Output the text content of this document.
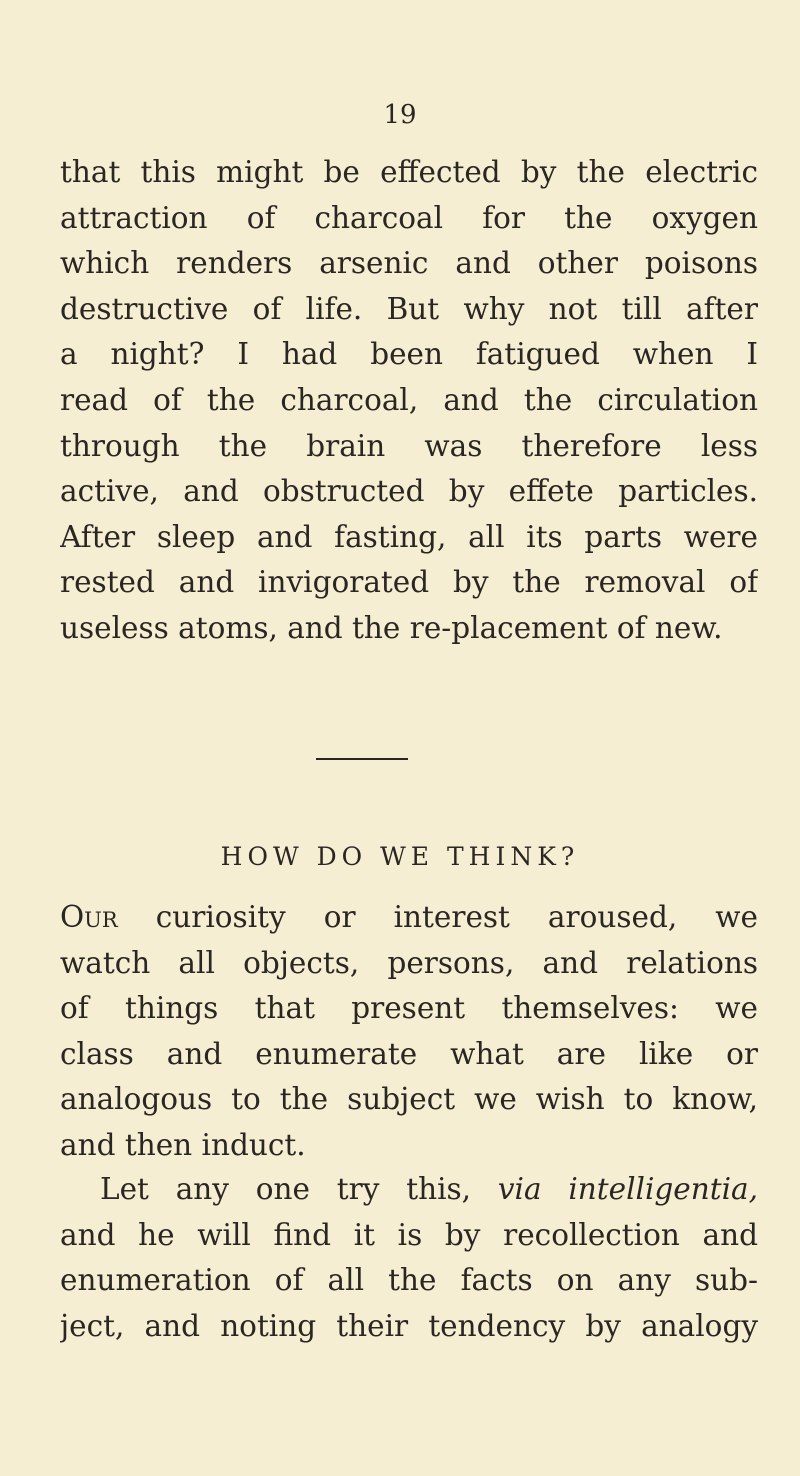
19
that this might be effected by the electric
attraction of charcoal for the oxygen
which renders arsenic and other poisons
destructive of life. But why not till after
a night? I had been fatigued when I
read of the charcoal, and the circulation
through the brain was therefore less
active, and obstructed by effete particles.
After sleep and fasting, all its parts were
rested and invigorated by the removal of
useless atoms, and the re-placement of new.
HOW DO WE THINK?
Our curiosity or interest aroused, we
watch all objects, persons, and relations
of things that present themselves: we
class and enumerate what are like or
analogous to the subject we wish to know,
and then induct.
Let any one try this, via intelligentia,
and he will find it is by recollection and
enumeration of all the facts on any sub-
ject, and noting their tendency by analogy
